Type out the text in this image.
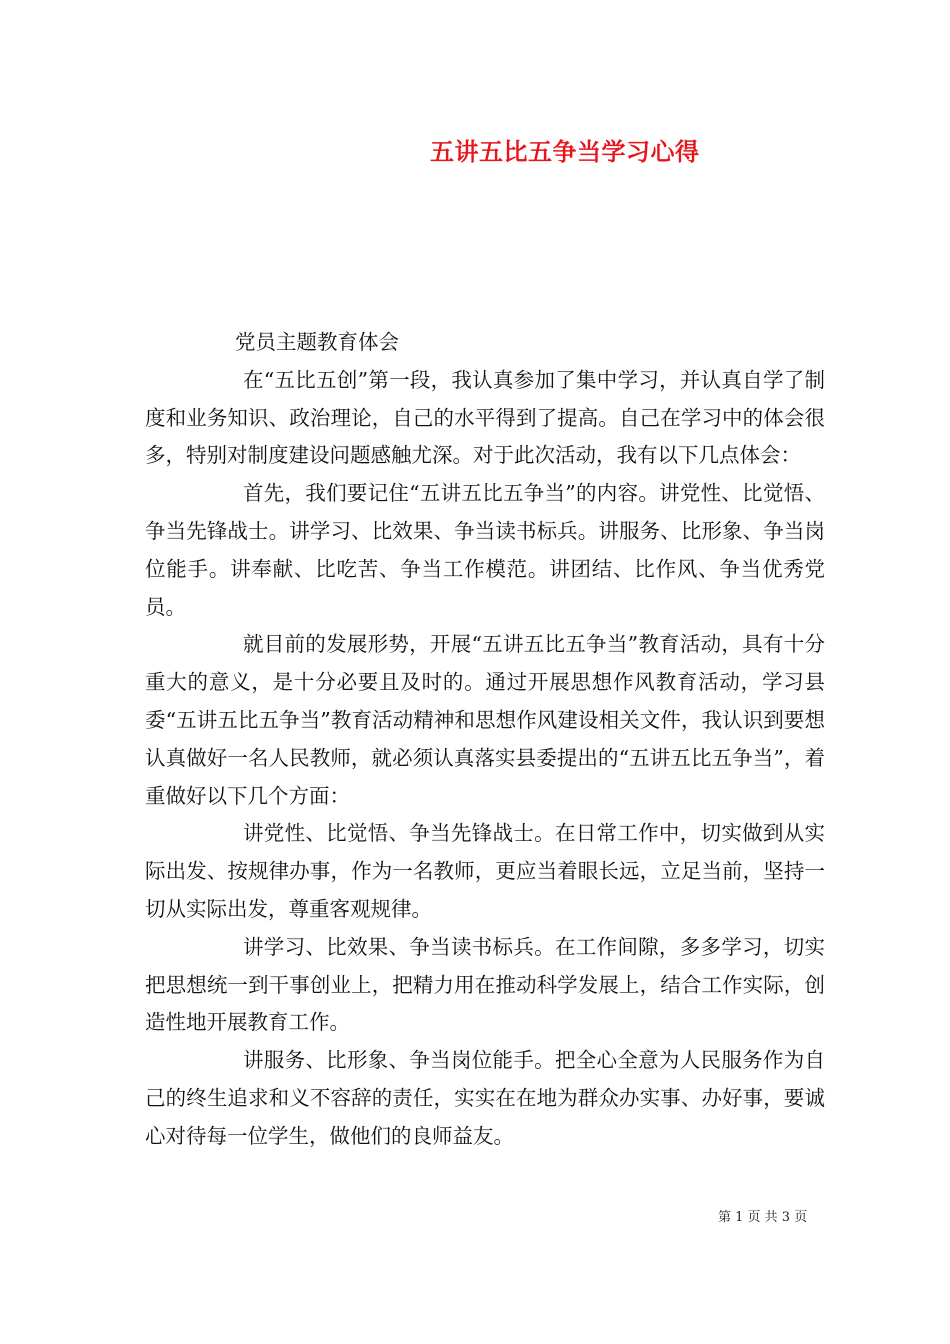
五讲五比五争当学习心得

党员主题教育体会

在“五比五创”第一段，我认真参加了集中学习，并认真自学了制度和业务知识、政治理论，自己的水平得到了提高。自己在学习中的体会很多，特别对制度建设问题感触尤深。对于此次活动，我有以下几点体会：

首先，我们要记住“五讲五比五争当”的内容。讲党性、比觉悟、争当先锋战士。讲学习、比效果、争当读书标兵。讲服务、比形象、争当岗位能手。讲奉献、比吃苦、争当工作模范。讲团结、比作风、争当优秀党员。

就目前的发展形势，开展“五讲五比五争当”教育活动，具有十分重大的意义，是十分必要且及时的。通过开展思想作风教育活动，学习县委“五讲五比五争当”教育活动精神和思想作风建设相关文件，我认识到要想认真做好一名人民教师，就必须认真落实县委提出的“五讲五比五争当”，着重做好以下几个方面：

讲党性、比觉悟、争当先锋战士。在日常工作中，切实做到从实际出发、按规律办事，作为一名教师，更应当着眼长远，立足当前，坚持一切从实际出发，尊重客观规律。

讲学习、比效果、争当读书标兵。在工作间隙，多多学习，切实把思想统一到干事创业上，把精力用在推动科学发展上，结合工作实际，创造性地开展教育工作。

讲服务、比形象、争当岗位能手。把全心全意为人民服务作为自己的终生追求和义不容辞的责任，实实在在地为群众办实事、办好事，要诚心对待每一位学生，做他们的良师益友。

第 1 页 共 3 页
